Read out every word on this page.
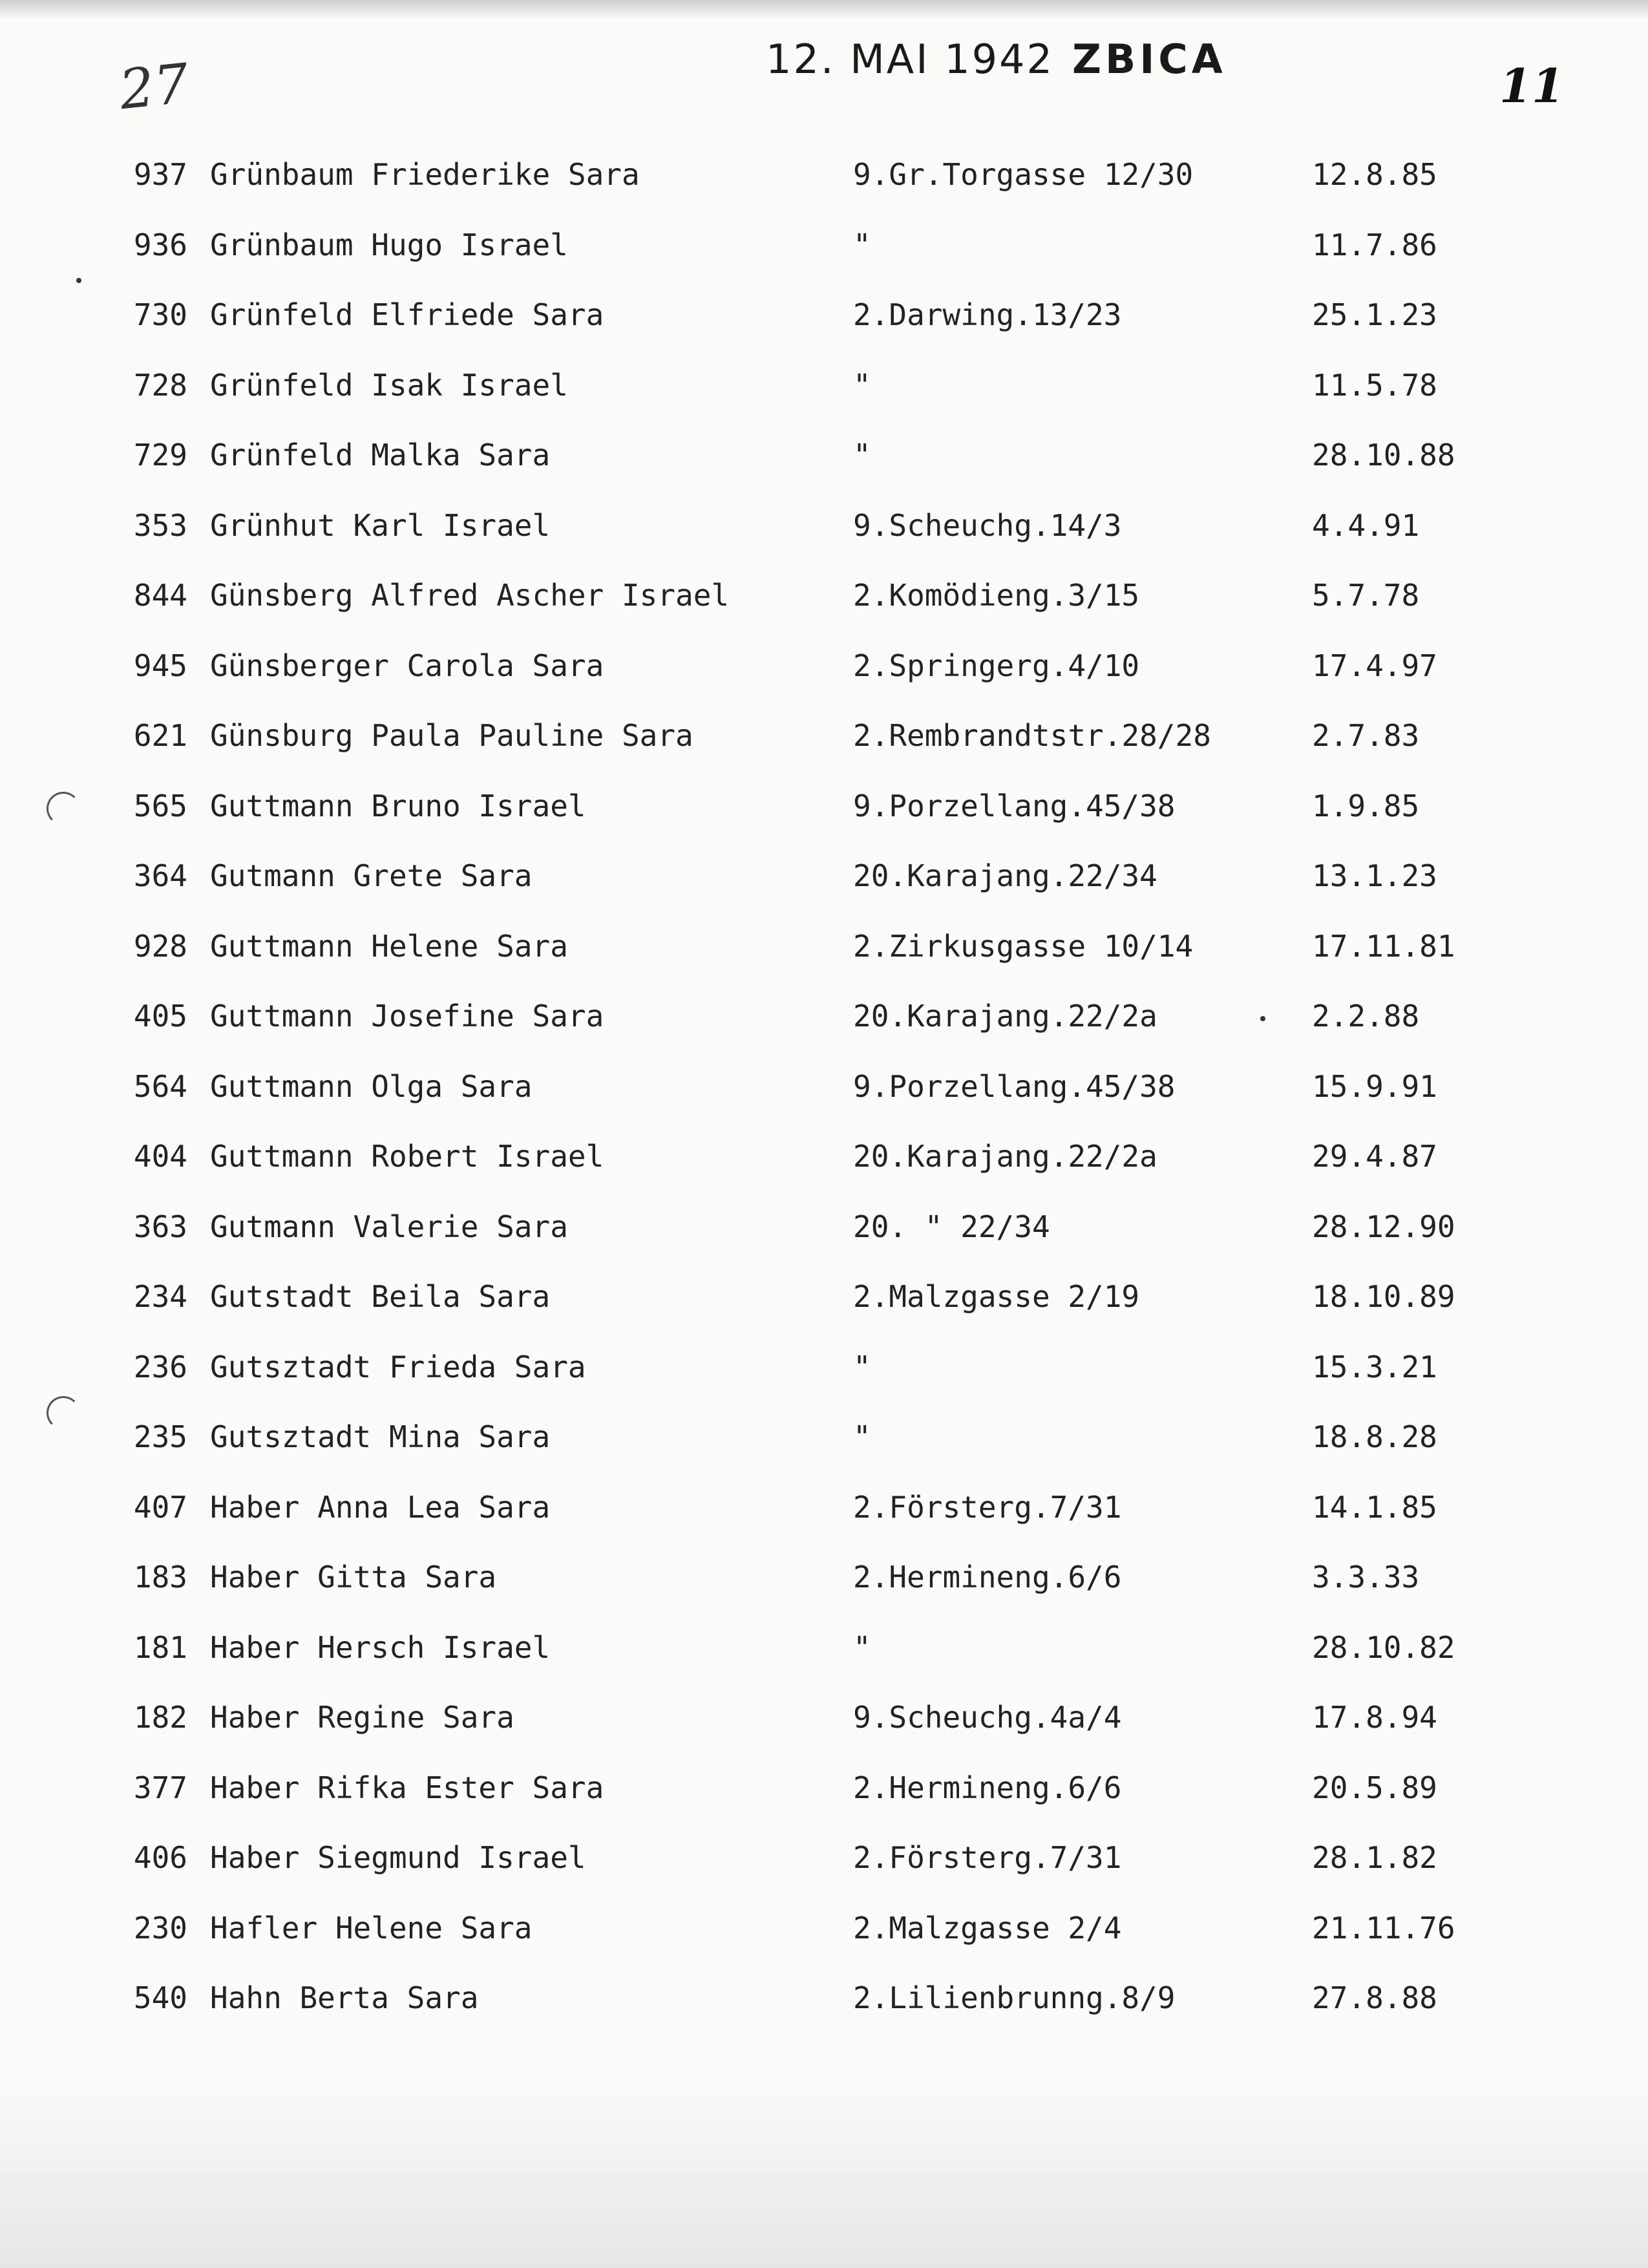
27	12. MAI 1942 ZBICA	11
937 Grünbaum Friederike Sara	9.Gr.Torgasse 12/30	12.8.85
936 Grünbaum Hugo Israel	"	11.7.86
730 Grünfeld Elfriede Sara	2.Darwing.13/23	25.1.23
728 Grünfeld Isak Israel	"	11.5.78
729 Grünfeld Malka Sara	"	28.10.88
353 Grünhut Karl Israel	9.Scheuchg.14/3	4.4.91
844 Günsberg Alfred Ascher Israel	2.Komödieng.3/15	5.7.78
945 Günsberger Carola Sara	2.Springerg.4/10	17.4.97
621 Günsburg Paula Pauline Sara	2.Rembrandtstr.28/28	2.7.83
565 Guttmann Bruno Israel	9.Porzellang.45/38	1.9.85
364 Gutmann Grete Sara	20.Karajang.22/34	13.1.23
928 Guttmann Helene Sara	2.Zirkusgasse 10/14	17.11.81
405 Guttmann Josefine Sara	20.Karajang.22/2a	2.2.88
564 Guttmann Olga Sara	9.Porzellang.45/38	15.9.91
404 Guttmann Robert Israel	20.Karajang.22/2a	29.4.87
363 Gutmann Valerie Sara	20. " 22/34	28.12.90
234 Gutstadt Beila Sara	2.Malzgasse 2/19	18.10.89
236 Gutsztadt Frieda Sara	"	15.3.21
235 Gutsztadt Mina Sara	"	18.8.28
407 Haber Anna Lea Sara	2.Försterg.7/31	14.1.85
183 Haber Gitta Sara	2.Hermineng.6/6	3.3.33
181 Haber Hersch Israel	"	28.10.82
182 Haber Regine Sara	9.Scheuchg.4a/4	17.8.94
377 Haber Rifka Ester Sara	2.Hermineng.6/6	20.5.89
406 Haber Siegmund Israel	2.Försterg.7/31	28.1.82
230 Hafler Helene Sara	2.Malzgasse 2/4	21.11.76
540 Hahn Berta Sara	2.Lilienbrunng.8/9	27.8.88
